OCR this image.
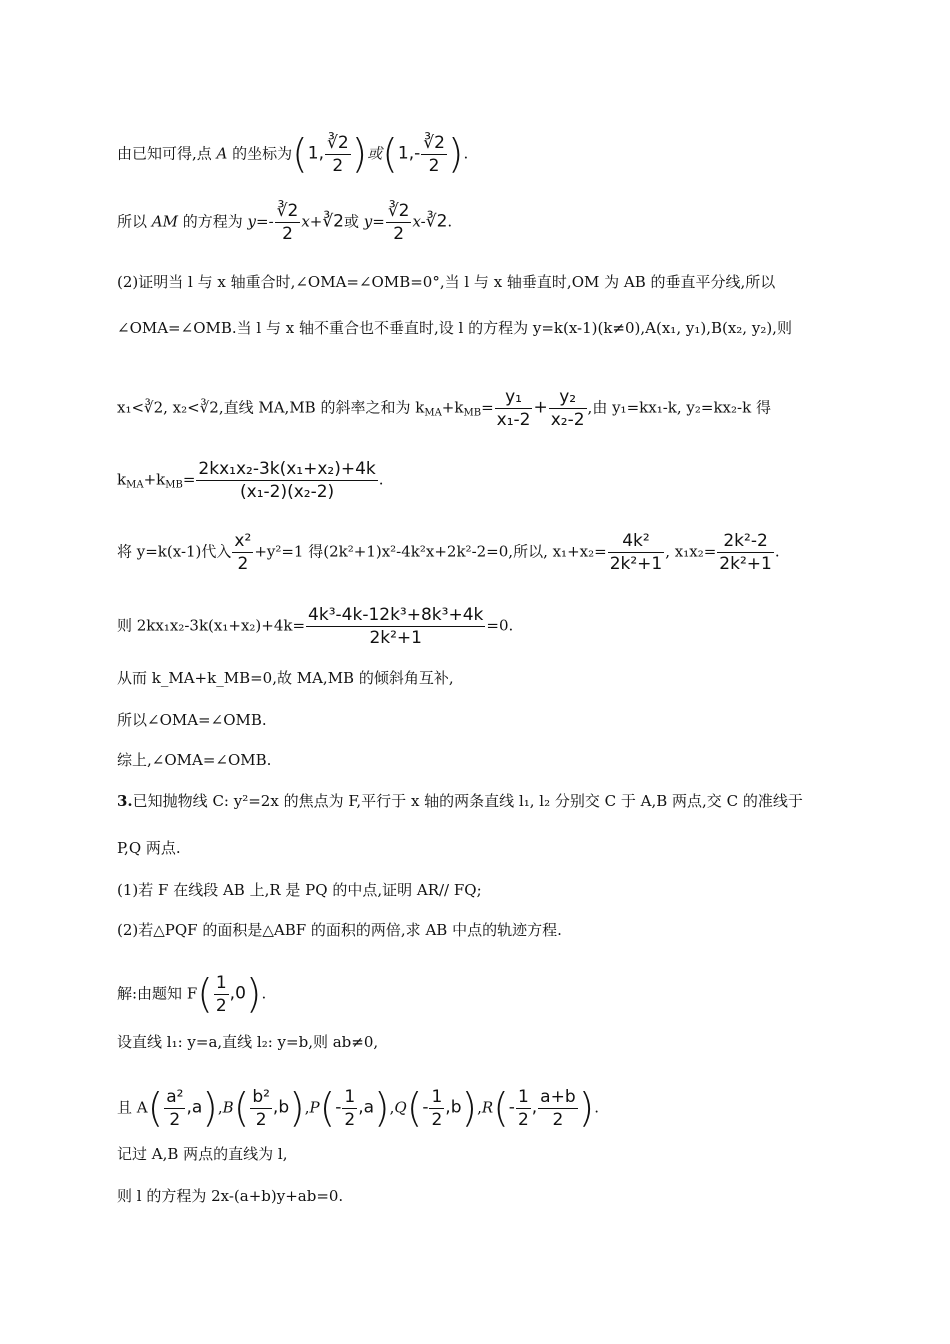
由已知可得,点 A 的坐标为(1, $\frac{∛2}{2}$ )或($1,- \frac{∛2}{2}$ ).
所以 AM 的方程为 $y=- \frac{∛2}{2}$ x+∛2或 $y= \frac{∛2}{2}$ x-∛2.
(2)证明当 l 与 x 轴重合时,∠OMA=∠OMB=0°,当 l 与 x 轴垂直时,OM 为 AB 的垂直平分线,所以
∠OMA=∠OMB.当 l 与 x 轴不重合也不垂直时,设 l 的方程为 y=k(x-1)(k≠0),A(x₁, y₁),B(x₂, y₂),则
x₁<∛2, x₂<∛2,直线 MA,MB 的斜率之和为 $k_{MA}+k_{MB}= \frac{\text{y₁}}{\text{x₁-2}} + \frac{\text{y₂}}{\text{x₂-2}}$ ,由 y₁=kx₁-k, y₂=kx₂-k 得
$k_{MA}+k_{MB}= \frac{\text{2kx₁x₂-3k(x₁+x₂)+4k}}{\text{(x₁-2)(x₂-2)}}$ .
将 y=k(x-1)代入 $\frac{\text{x²}}{2} +y^2=1$ 得(2k²+1)x²-4k²x+2k²-2=0,所以, $x_1+x_2= \frac{\text{4k²}}{\text{2k²+1}}$ , $x_1x_2= \frac{\text{2k²-2}}{\text{2k²+1}}$ .
则 $2kx_1x_2-3k(x_1+x_2)+4k= \frac{\text{4k³-4k-12k³+8k³+4k}}{\text{2k²+1}} =0$.
从而 k_MA+k_MB=0,故 MA,MB 的倾斜角互补,
所以∠OMA=∠OMB.
综上,∠OMA=∠OMB.
3.已知抛物线 C: y²=2x 的焦点为 F,平行于 x 轴的两条直线 l₁, l₂ 分别交 C 于 A,B 两点,交 C 的准线于
P,Q 两点.
(1)若 F 在线段 AB 上,R 是 PQ 的中点,证明 AR// FQ;
(2)若△PQF 的面积是△ABF 的面积的两倍,求 AB 中点的轨迹方程.
解:由题知 $F( \frac{1}{2} ,0)$.
设直线 l₁: y=a,直线 l₂: y=b,则 ab≠0,
且 $A( \frac{\text{a²}}{2} ,a),B( \frac{\text{b²}}{2} ,b),P(- \frac{1}{2} ,a),Q(- \frac{1}{2} ,b),R(- \frac{1}{2}$ , $\frac{a+b}{2}$ ).
记过 A,B 两点的直线为 l,
则 l 的方程为 2x-(a+b)y+ab=0.
